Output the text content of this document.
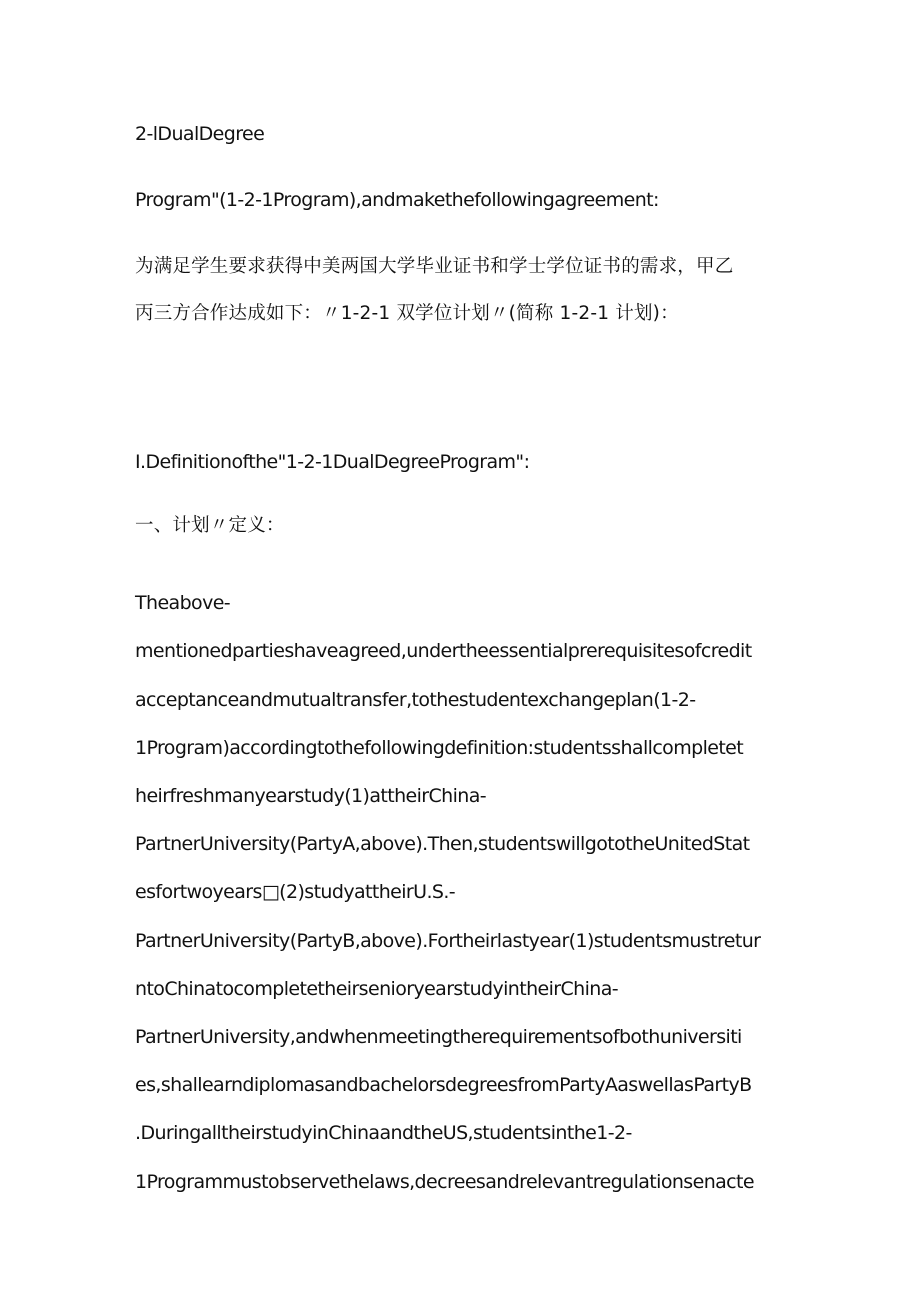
2-lDualDegree
Program"(1-2-1Program),andmakethefollowingagreement:
为满足学生要求获得中美两国大学毕业证书和学士学位证书的需求，甲乙
丙三方合作达成如下：〃1-2-1 双学位计划〃(简称 1-2-1 计划)：
I.Definitionofthe"1-2-1DualDegreeProgram":
一、计划〃定义：
Theabove-
mentionedpartieshaveagreed,undertheessentialprerequisitesofcredit
acceptanceandmutualtransfer,tothestudentexchangeplan(1-2-
1Program)accordingtothefollowingdefinition:studentsshallcompletet
heirfreshmanyearstudy(1)attheirChina-
PartnerUniversity(PartyA,above).Then,studentswillgototheUnitedStat
esfortwoyears□(2)studyattheirU.S.-
PartnerUniversity(PartyB,above).Fortheirlastyear(1)studentsmustretur
ntoChinatocompletetheirsenioryearstudyintheirChina-
PartnerUniversity,andwhenmeetingtherequirementsofbothuniversiti
es,shallearndiplomasandbachelorsdegreesfromPartyAaswellasPartyB
.DuringalltheirstudyinChinaandtheUS,studentsinthe1-2-
1Programmustobservethelaws,decreesandrelevantregulationsenacte
